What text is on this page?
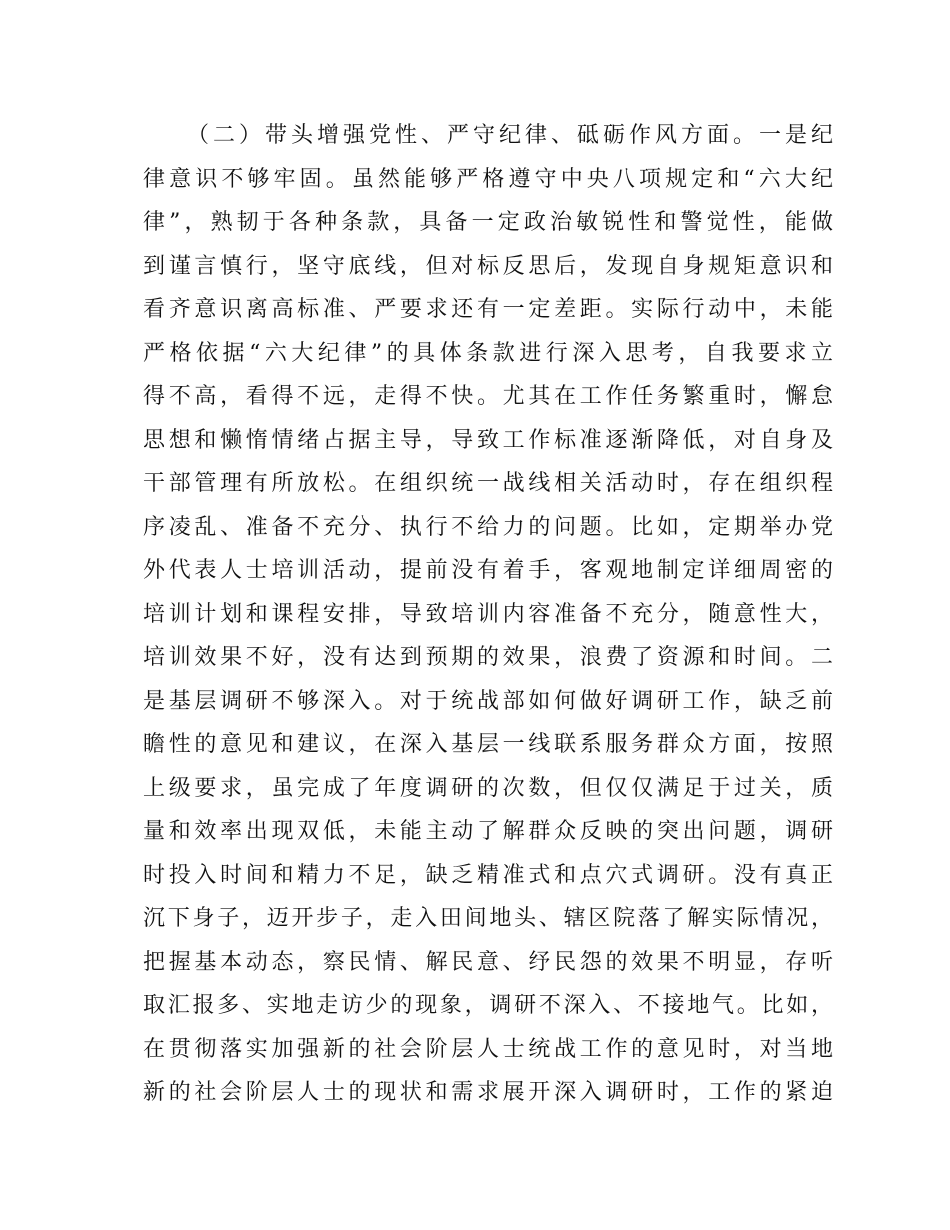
（二）带头增强党性、严守纪律、砥砺作风方面。一是纪
律意识不够牢固。虽然能够严格遵守中央八项规定和“六大纪
律”，熟韧于各种条款，具备一定政治敏锐性和警觉性，能做
到谨言慎行，坚守底线，但对标反思后，发现自身规矩意识和
看齐意识离高标准、严要求还有一定差距。实际行动中，未能
严格依据“六大纪律”的具体条款进行深入思考，自我要求立
得不高，看得不远，走得不快。尤其在工作任务繁重时，懈怠
思想和懒惰情绪占据主导，导致工作标准逐渐降低，对自身及
干部管理有所放松。在组织统一战线相关活动时，存在组织程
序凌乱、准备不充分、执行不给力的问题。比如，定期举办党
外代表人士培训活动，提前没有着手，客观地制定详细周密的
培训计划和课程安排，导致培训内容准备不充分，随意性大，
培训效果不好，没有达到预期的效果，浪费了资源和时间。二
是基层调研不够深入。对于统战部如何做好调研工作，缺乏前
瞻性的意见和建议，在深入基层一线联系服务群众方面，按照
上级要求，虽完成了年度调研的次数，但仅仅满足于过关，质
量和效率出现双低，未能主动了解群众反映的突出问题，调研
时投入时间和精力不足，缺乏精准式和点穴式调研。没有真正
沉下身子，迈开步子，走入田间地头、辖区院落了解实际情况，
把握基本动态，察民情、解民意、纾民怨的效果不明显，存听
取汇报多、实地走访少的现象，调研不深入、不接地气。比如，
在贯彻落实加强新的社会阶层人士统战工作的意见时，对当地
新的社会阶层人士的现状和需求展开深入调研时，工作的紧迫
